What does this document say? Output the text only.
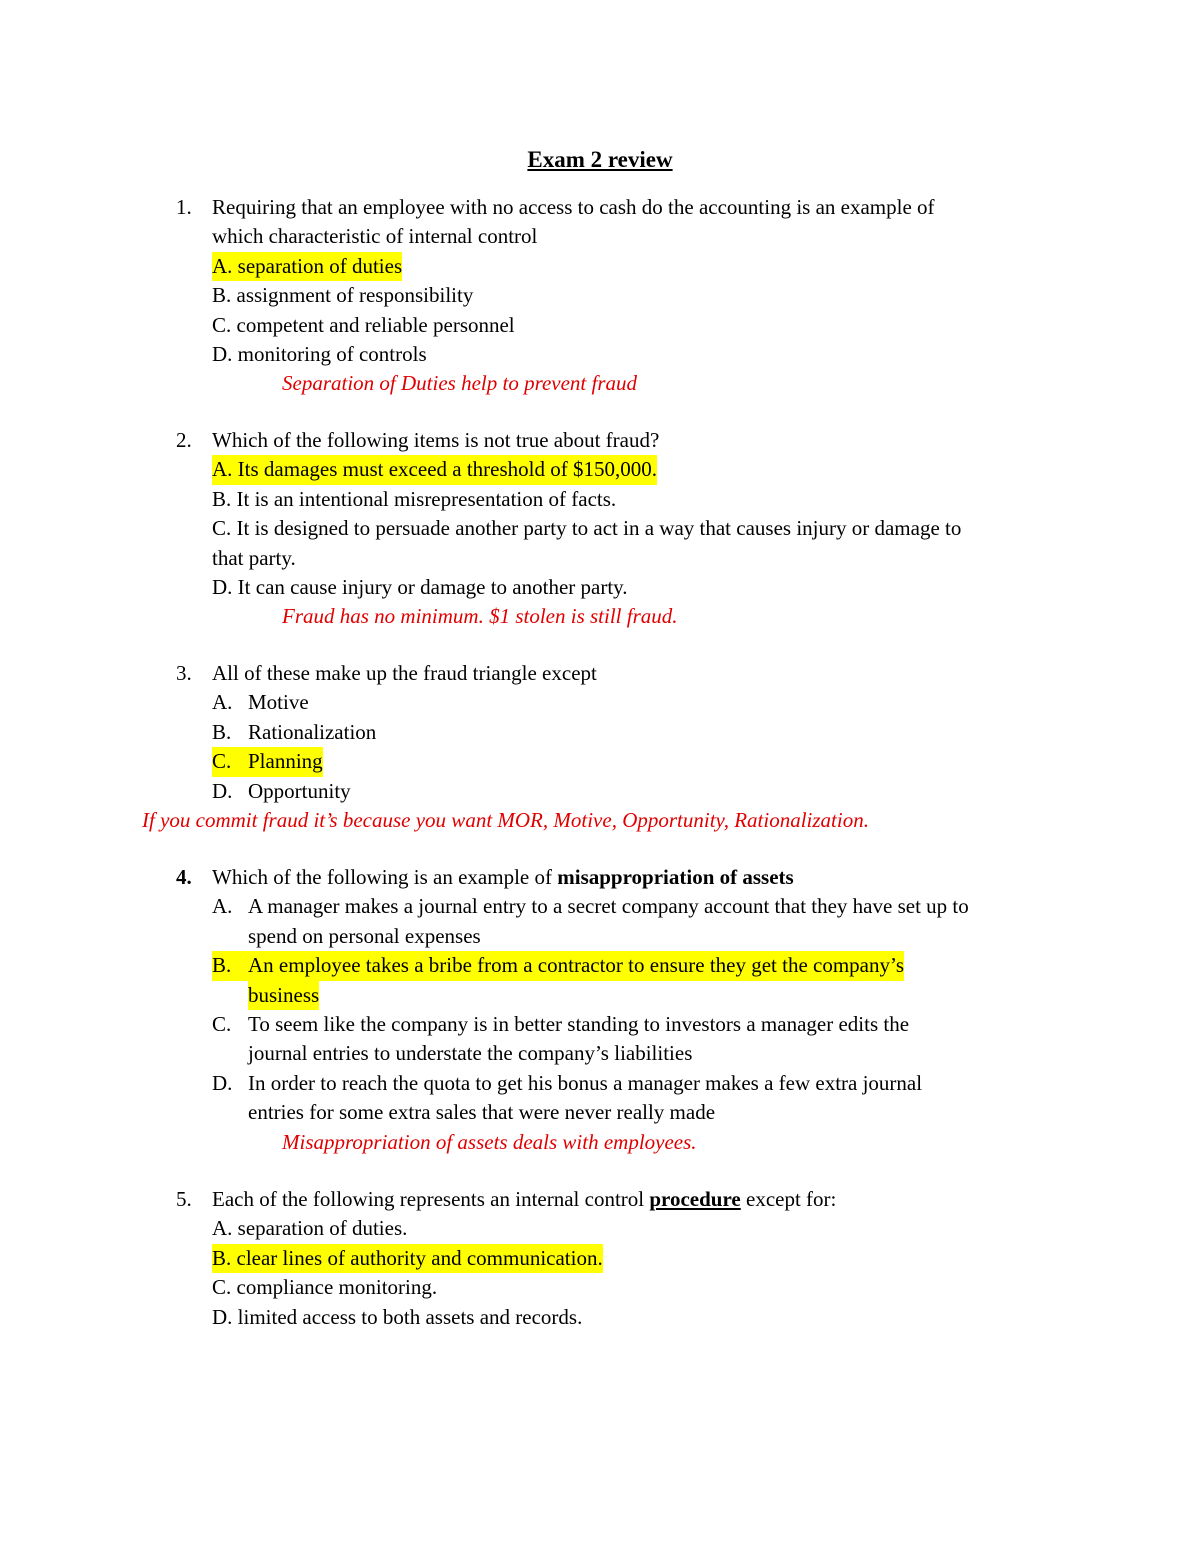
Exam 2 review
1. Requiring that an employee with no access to cash do the accounting is an example of
which characteristic of internal control
A. separation of duties
B. assignment of responsibility
C. competent and reliable personnel
D. monitoring of controls
Separation of Duties help to prevent fraud
2. Which of the following items is not true about fraud?
A. Its damages must exceed a threshold of $150,000.
B. It is an intentional misrepresentation of facts.
C. It is designed to persuade another party to act in a way that causes injury or damage to
that party.
D. It can cause injury or damage to another party.
Fraud has no minimum. $1 stolen is still fraud.
3. All of these make up the fraud triangle except
A. Motive
B. Rationalization
C. Planning
D. Opportunity
If you commit fraud it’s because you want MOR, Motive, Opportunity, Rationalization.
4. Which of the following is an example of misappropriation of assets
A. A manager makes a journal entry to a secret company account that they have set up to
spend on personal expenses
B. An employee takes a bribe from a contractor to ensure they get the company’s
business
C. To seem like the company is in better standing to investors a manager edits the
journal entries to understate the company’s liabilities
D. In order to reach the quota to get his bonus a manager makes a few extra journal
entries for some extra sales that were never really made
Misappropriation of assets deals with employees.
5. Each of the following represents an internal control procedure except for:
A. separation of duties.
B. clear lines of authority and communication.
C. compliance monitoring.
D. limited access to both assets and records.
